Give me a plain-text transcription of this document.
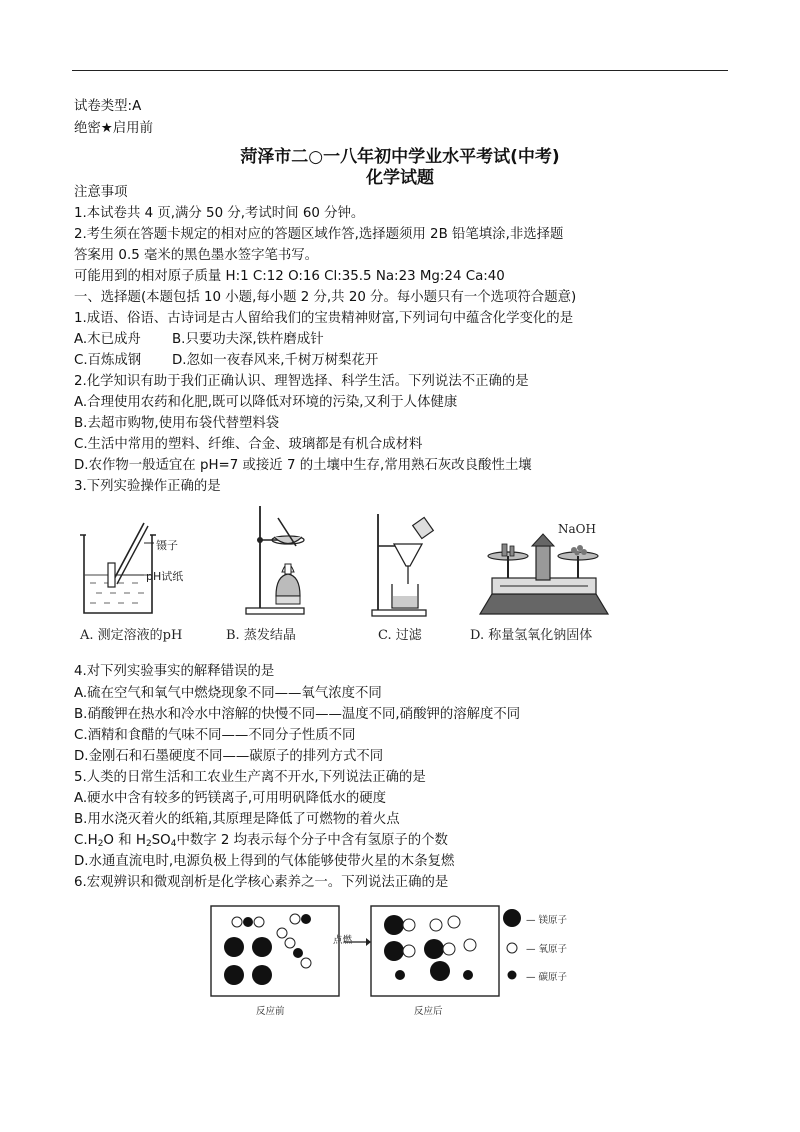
试卷类型:A
绝密★启用前
菏泽市二○一八年初中学业水平考试(中考)
化学试题
注意事项
1.本试卷共 4 页,满分 50 分,考试时间 60 分钟。
2.考生须在答题卡规定的相对应的答题区域作答,选择题须用 2B 铅笔填涂,非选择题
答案用 0.5 毫米的黑色墨水签字笔书写。
可能用到的相对原子质量 H:1 C:12 O:16 Cl:35.5 Na:23 Mg:24 Ca:40
一、选择题(本题包括 10 小题,每小题 2 分,共 20 分。每小题只有一个选项符合题意)
1.成语、俗语、古诗词是古人留给我们的宝贵精神财富,下列词句中蕴含化学变化的是
A.木已成舟 B.只要功夫深,铁杵磨成针
C.百炼成钢 D.忽如一夜春风来,千树万树梨花开
2.化学知识有助于我们正确认识、理智选择、科学生活。下列说法不正确的是
A.合理使用农药和化肥,既可以降低对环境的污染,又利于人体健康
B.去超市购物,使用布袋代替塑料袋
C.生活中常用的塑料、纤维、合金、玻璃都是有机合成材料
D.农作物一般适宜在 pH=7 或接近 7 的土壤中生存,常用熟石灰改良酸性土壤
3.下列实验操作正确的是
镊子
pH试纸
B. 蒸发结晶	C. 过滤
NaOH
A. 测定溶液的pH	D. 称量氢氧化钠固体
4.对下列实验事实的解释错误的是
A.硫在空气和氧气中燃烧现象不同——氧气浓度不同
B.硝酸钾在热水和冷水中溶解的快慢不同——温度不同,硝酸钾的溶解度不同
C.酒精和食醋的气味不同——不同分子性质不同
D.金刚石和石墨硬度不同——碳原子的排列方式不同
5.人类的日常生活和工农业生产离不开水,下列说法正确的是
A.硬水中含有较多的钙镁离子,可用明矾降低水的硬度
B.用水浇灭着火的纸箱,其原理是降低了可燃物的着火点
$C.H_2O$ 和 $H_2SO_4$中数字 2 均表示每个分子中含有氢原子的个数
D.水通直流电时,电源负极上得到的气体能够使带火星的木条复燃
6.宏观辨识和微观剖析是化学核心素养之一。下列说法正确的是
点燃
— 镁原子
— 氧原子
— 碳原子
反应前	反应后
